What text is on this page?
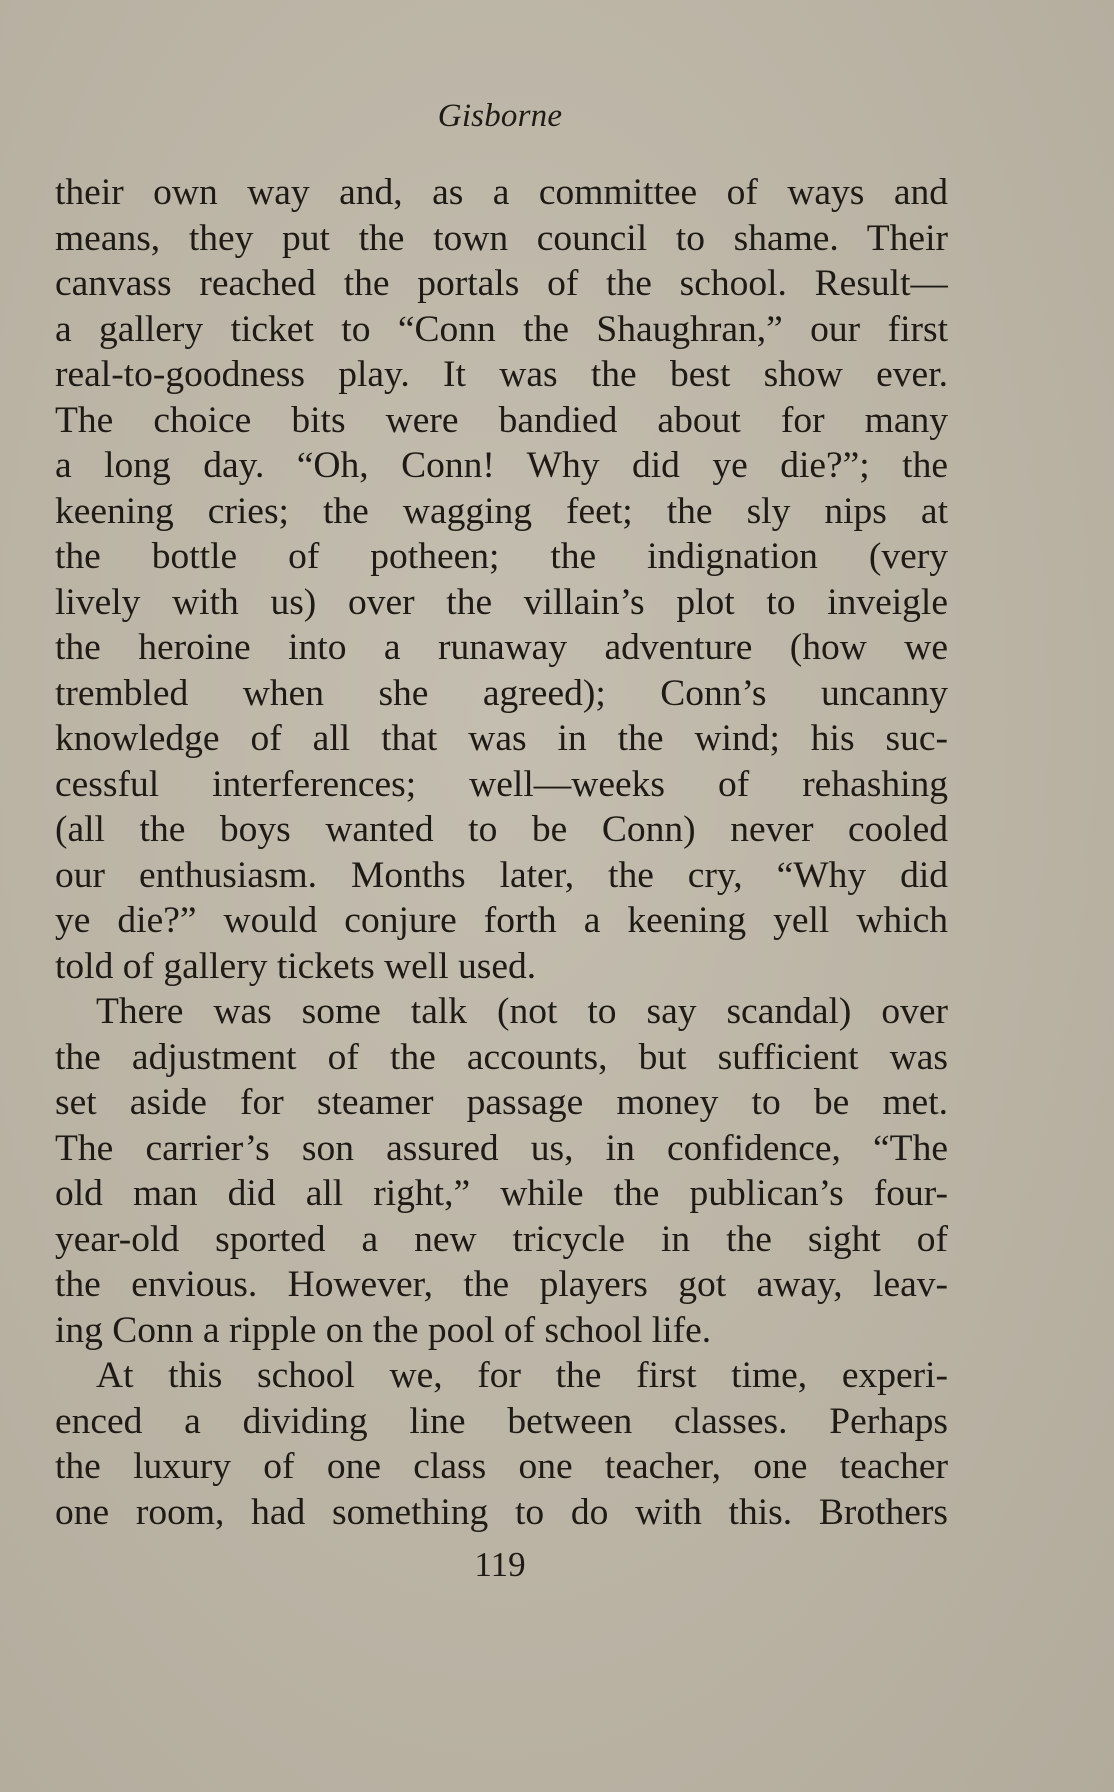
Gisborne
their own way and, as a committee of ways and
means, they put the town council to shame. Their
canvass reached the portals of the school. Result—
a gallery ticket to “Conn the Shaughran,” our first
real-to-goodness play. It was the best show ever.
The choice bits were bandied about for many
a long day. “Oh, Conn! Why did ye die?”; the
keening cries; the wagging feet; the sly nips at
the bottle of potheen; the indignation (very
lively with us) over the villain’s plot to inveigle
the heroine into a runaway adventure (how we
trembled when she agreed); Conn’s uncanny
knowledge of all that was in the wind; his suc-
cessful interferences; well—weeks of rehashing
(all the boys wanted to be Conn) never cooled
our enthusiasm. Months later, the cry, “Why did
ye die?” would conjure forth a keening yell which
told of gallery tickets well used.
There was some talk (not to say scandal) over
the adjustment of the accounts, but sufficient was
set aside for steamer passage money to be met.
The carrier’s son assured us, in confidence, “The
old man did all right,” while the publican’s four-
year-old sported a new tricycle in the sight of
the envious. However, the players got away, leav-
ing Conn a ripple on the pool of school life.
At this school we, for the first time, experi-
enced a dividing line between classes. Perhaps
the luxury of one class one teacher, one teacher
one room, had something to do with this. Brothers
119
